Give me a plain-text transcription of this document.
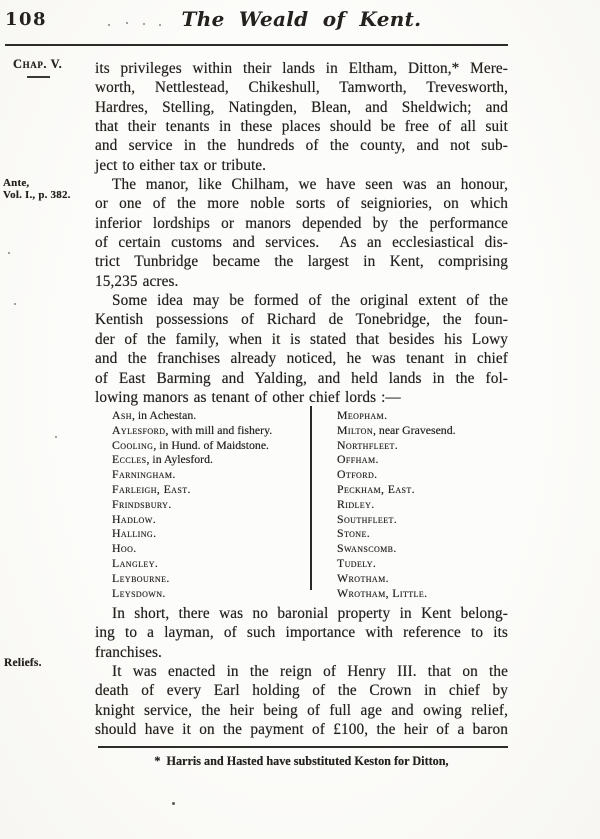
108	The Weald of Kent.
Chap. V.
Ante,
Vol. I., p. 382.
Reliefs.
its privileges within their lands in Eltham, Ditton,* Mere-
worth, Nettlestead, Chikeshull, Tamworth, Trevesworth,
Hardres, Stelling, Natingden, Blean, and Sheldwich; and
that their tenants in these places should be free of all suit
and service in the hundreds of the county, and not sub-
ject to either tax or tribute.
The manor, like Chilham, we have seen was an honour,
or one of the more noble sorts of seigniories, on which
inferior lordships or manors depended by the performance
of certain customs and services.  As an ecclesiastical dis-
trict Tunbridge became the largest in Kent, comprising
15,235 acres.
Some idea may be formed of the original extent of the
Kentish possessions of Richard de Tonebridge, the foun-
der of the family, when it is stated that besides his Lowy
and the franchises already noticed, he was tenant in chief
of East Barming and Yalding, and held lands in the fol-
lowing manors as tenant of other chief lords :—
Ash, in Achestan.
Aylesford, with mill and fishery.
Cooling, in Hund. of Maidstone.
Eccles, in Aylesford.
Farningham.
Farleigh, East.
Frindsbury.
Hadlow.
Halling.
Hoo.
Langley.
Leybourne.
Leysdown.
Meopham.
Milton, near Gravesend.
Northfleet.
Offham.
Otford.
Peckham, East.
Ridley.
Southfleet.
Stone.
Swanscomb.
Tudely.
Wrotham.
Wrotham, Little.
In short, there was no baronial property in Kent belong-
ing to a layman, of such importance with reference to its
franchises.
It was enacted in the reign of Henry III. that on the
death of every Earl holding of the Crown in chief by
knight service, the heir being of full age and owing relief,
should have it on the payment of £100, the heir of a baron
* Harris and Hasted have substituted Keston for Ditton,
